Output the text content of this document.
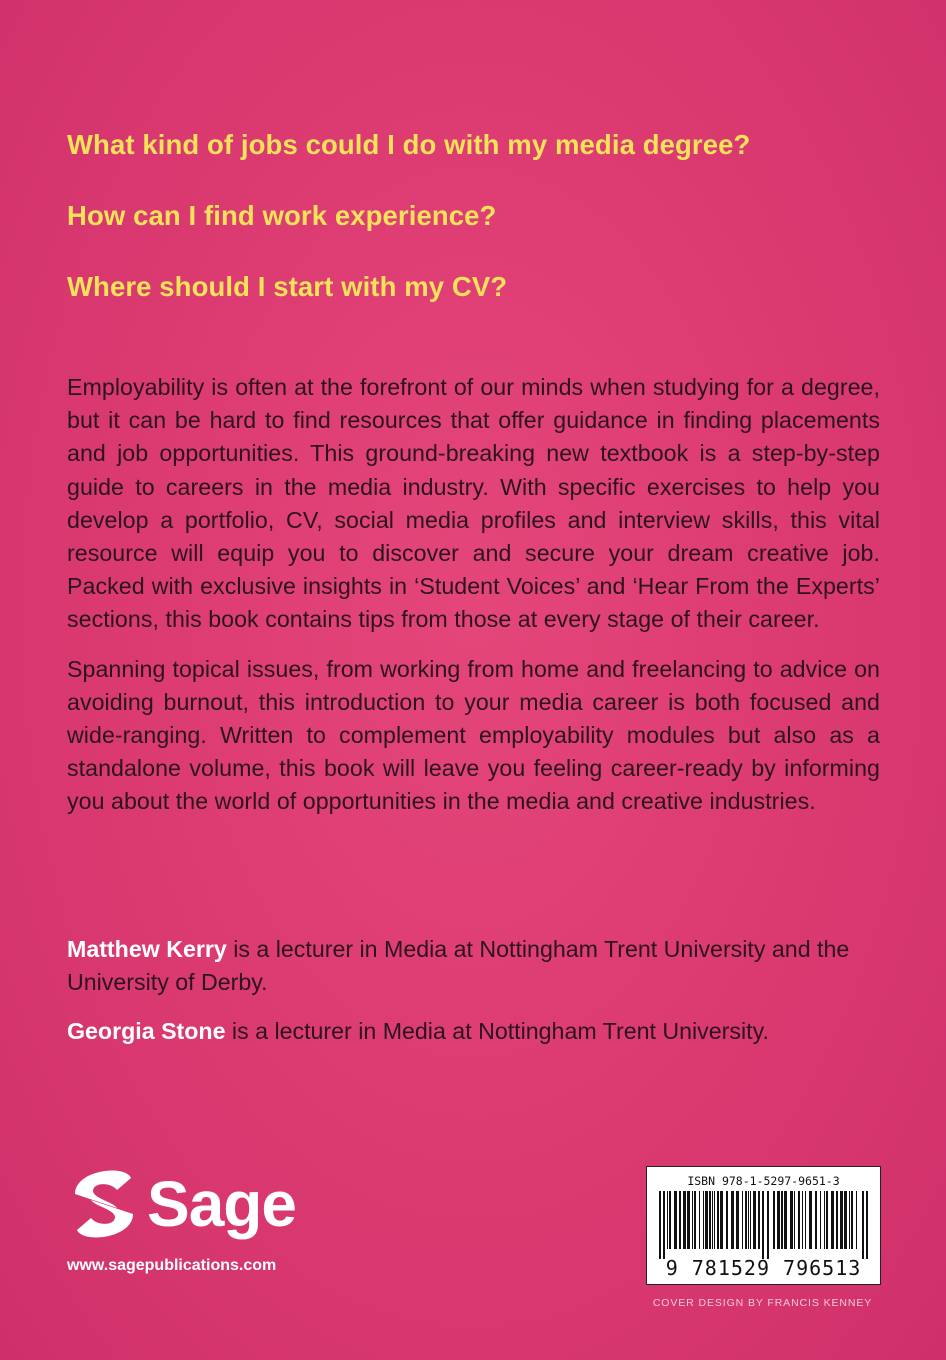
What kind of jobs could I do with my media degree?

How can I find work experience?

Where should I start with my CV?

Employability is often at the forefront of our minds when studying for a degree, but it can be hard to find resources that offer guidance in finding placements and job opportunities. This ground-breaking new textbook is a step-by-step guide to careers in the media industry. With specific exercises to help you develop a portfolio, CV, social media profiles and interview skills, this vital resource will equip you to discover and secure your dream creative job. Packed with exclusive insights in ‘Student Voices’ and ‘Hear From the Experts’ sections, this book contains tips from those at every stage of their career.

Spanning topical issues, from working from home and freelancing to advice on avoiding burnout, this introduction to your media career is both focused and wide-ranging. Written to complement employability modules but also as a standalone volume, this book will leave you feeling career-ready by informing you about the world of opportunities in the media and creative industries.

Matthew Kerry is a lecturer in Media at Nottingham Trent University and the University of Derby.

Georgia Stone is a lecturer in Media at Nottingham Trent University.

Sage
www.sagepublications.com
ISBN 978-1-5297-9651-3
9 781529 796513
COVER DESIGN BY FRANCIS KENNEY
